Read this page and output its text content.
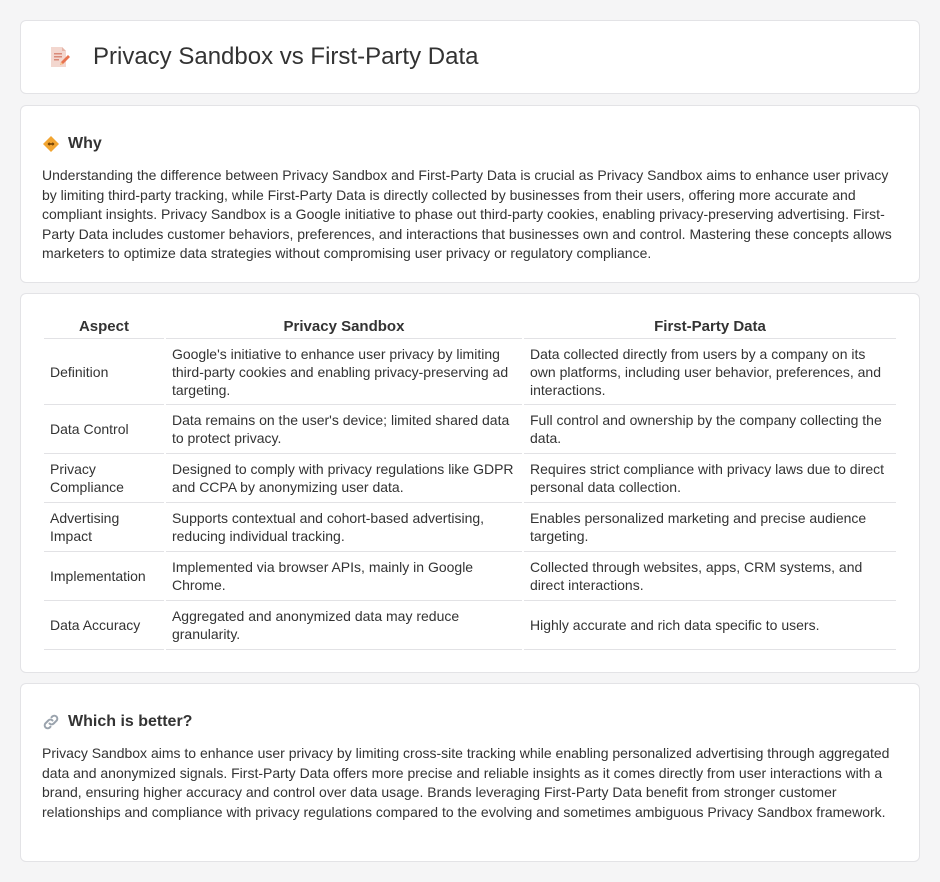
Privacy Sandbox vs First-Party Data
Why

Understanding the difference between Privacy Sandbox and First-Party Data is crucial as Privacy Sandbox aims to enhance user privacy by limiting third-party tracking, while First-Party Data is directly collected by businesses from their users, offering more accurate and compliant insights. Privacy Sandbox is a Google initiative to phase out third-party cookies, enabling privacy-preserving advertising. First-Party Data includes customer behaviors, preferences, and interactions that businesses own and control. Mastering these concepts allows marketers to optimize data strategies without compromising user privacy or regulatory compliance.

Aspect	Privacy Sandbox	First-Party Data
Definition	Google's initiative to enhance user privacy by limiting third-party cookies and enabling privacy-preserving ad targeting.	Data collected directly from users by a company on its own platforms, including user behavior, preferences, and interactions.
Data Control	Data remains on the user's device; limited shared data to protect privacy.	Full control and ownership by the company collecting the data.
Privacy Compliance	Designed to comply with privacy regulations like GDPR and CCPA by anonymizing user data.	Requires strict compliance with privacy laws due to direct personal data collection.
Advertising Impact	Supports contextual and cohort-based advertising, reducing individual tracking.	Enables personalized marketing and precise audience targeting.
Implementation	Implemented via browser APIs, mainly in Google Chrome.	Collected through websites, apps, CRM systems, and direct interactions.
Data Accuracy	Aggregated and anonymized data may reduce granularity.	Highly accurate and rich data specific to users.
Which is better?

Privacy Sandbox aims to enhance user privacy by limiting cross-site tracking while enabling personalized advertising through aggregated data and anonymized signals. First-Party Data offers more precise and reliable insights as it comes directly from user interactions with a brand, ensuring higher accuracy and control over data usage. Brands leveraging First-Party Data benefit from stronger customer relationships and compliance with privacy regulations compared to the evolving and sometimes ambiguous Privacy Sandbox framework.
